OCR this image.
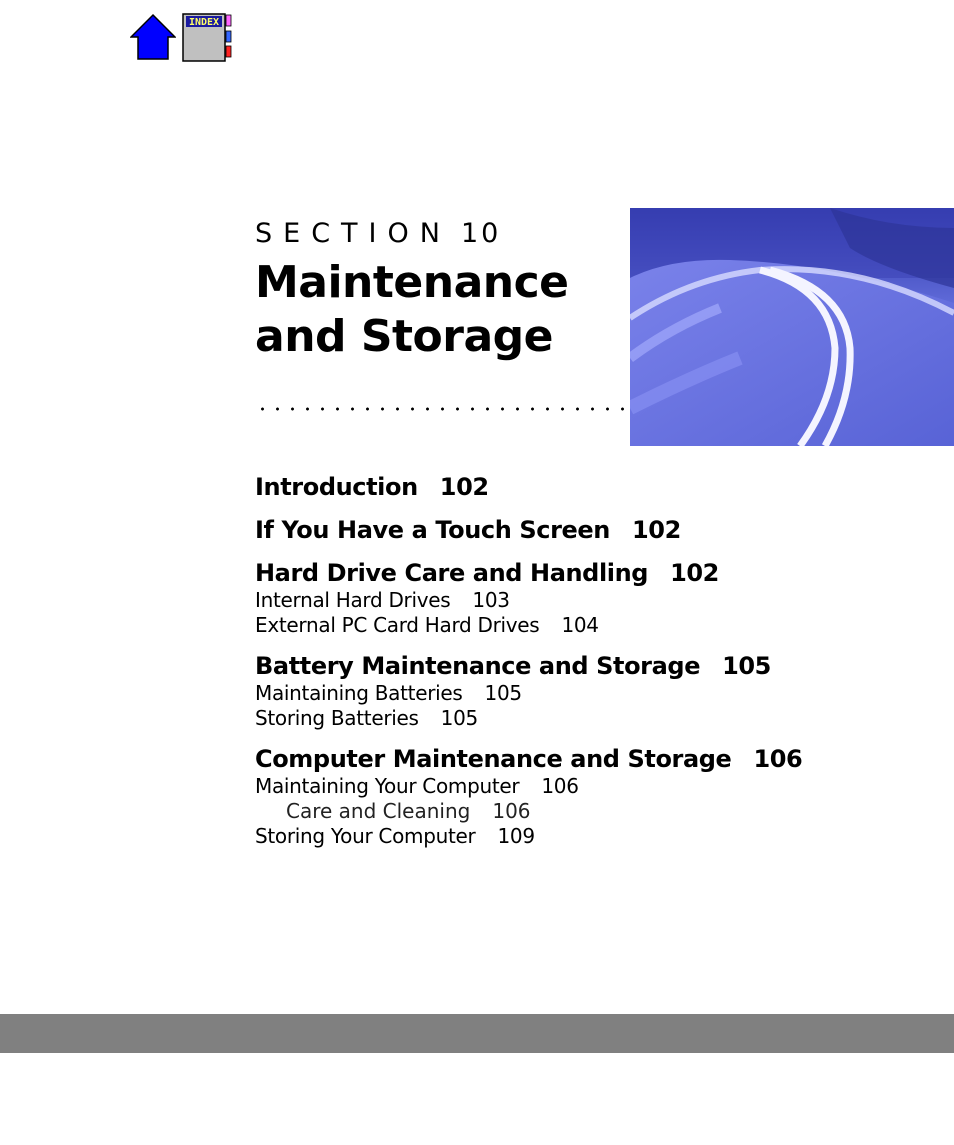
INDEX
SECTION 10
Maintenance and Storage
Introduction 102
If You Have a Touch Screen 102
Hard Drive Care and Handling 102
Internal Hard Drives 103
External PC Card Hard Drives 104
Battery Maintenance and Storage 105
Maintaining Batteries 105
Storing Batteries 105
Computer Maintenance and Storage 106
Maintaining Your Computer 106
Care and Cleaning 106
Storing Your Computer 109
